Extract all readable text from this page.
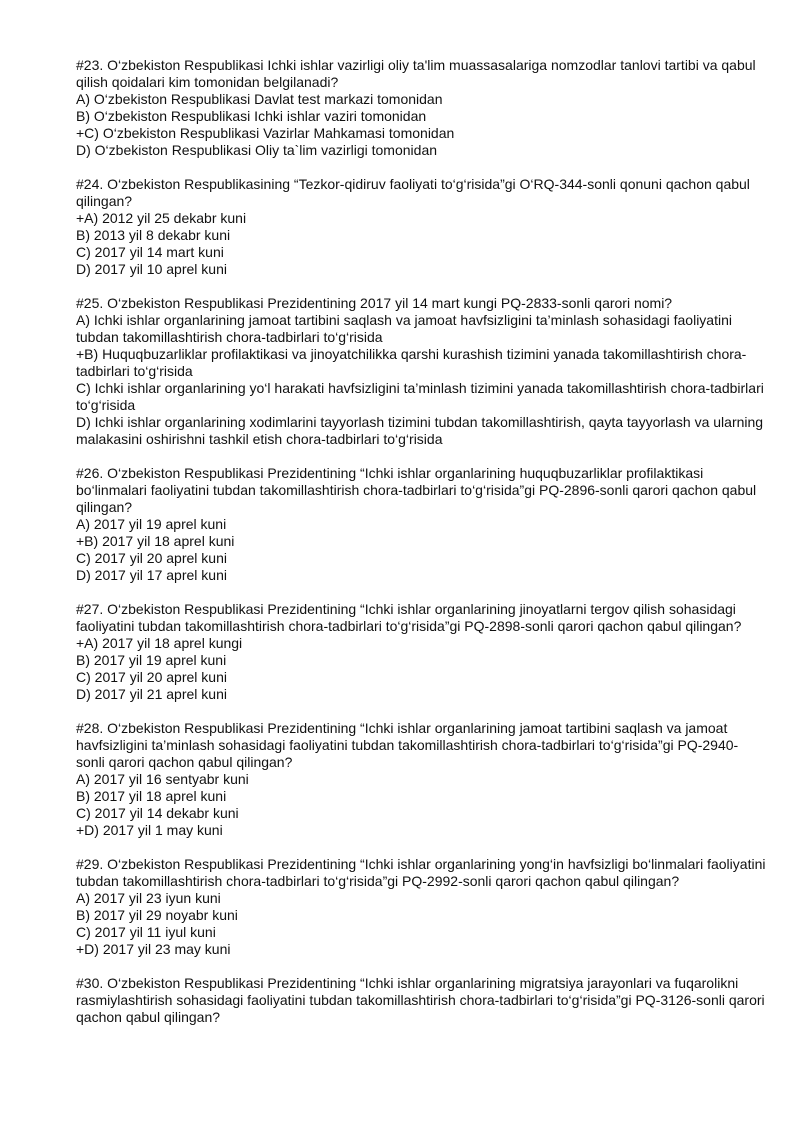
#23. O‘zbekiston Respublikasi Ichki ishlar vazirligi oliy ta'lim muassasalariga nomzodlar tanlovi tartibi va qabul qilish qoidalari kim tomonidan belgilanadi?
A) O‘zbekiston Respublikasi Davlat test markazi tomonidan
B) O‘zbekiston Respublikasi Ichki ishlar vaziri tomonidan
+C) O‘zbekiston Respublikasi Vazirlar Mahkamasi tomonidan
D) O‘zbekiston Respublikasi Oliy ta`lim vazirligi tomonidan
#24. O‘zbekiston Respublikasining “Tezkor-qidiruv faoliyati to‘g‘risida”gi O‘RQ-344-sonli qonuni qachon qabul qilingan?
+A) 2012 yil 25 dekabr kuni
B) 2013 yil 8 dekabr kuni
C) 2017 yil 14 mart kuni
D) 2017 yil 10 aprel kuni
#25. O‘zbekiston Respublikasi Prezidentining 2017 yil 14 mart kungi PQ-2833-sonli qarori nomi?
A) Ichki ishlar organlarining jamoat tartibini saqlash va jamoat havfsizligini ta’minlash sohasidagi faoliyatini tubdan takomillashtirish chora-tadbirlari to‘g‘risida
+B) Huquqbuzarliklar profilaktikasi va jinoyatchilikka qarshi kurashish tizimini yanada takomillashtirish chora-tadbirlari to‘g‘risida
C) Ichki ishlar organlarining yo‘l harakati havfsizligini ta’minlash tizimini yanada takomillashtirish chora-tadbirlari to‘g‘risida
D) Ichki ishlar organlarining xodimlarini tayyorlash tizimini tubdan takomillashtirish, qayta tayyorlash va ularning malakasini oshirishni tashkil etish chora-tadbirlari to‘g‘risida
#26. O‘zbekiston Respublikasi Prezidentining “Ichki ishlar organlarining huquqbuzarliklar profilaktikasi bo‘linmalari faoliyatini tubdan takomillashtirish chora-tadbirlari to‘g‘risida”gi PQ-2896-sonli qarori qachon qabul qilingan?
A) 2017 yil 19 aprel kuni
+B) 2017 yil 18 aprel kuni
C) 2017 yil 20 aprel kuni
D) 2017 yil 17 aprel kuni
#27. O‘zbekiston Respublikasi Prezidentining “Ichki ishlar organlarining jinoyatlarni tergov qilish sohasidagi faoliyatini tubdan takomillashtirish chora-tadbirlari to‘g‘risida”gi PQ-2898-sonli qarori qachon qabul qilingan?
+A) 2017 yil 18 aprel kungi
B) 2017 yil 19 aprel kuni
C) 2017 yil 20 aprel kuni
D) 2017 yil 21 aprel kuni
#28. O‘zbekiston Respublikasi Prezidentining “Ichki ishlar organlarining jamoat tartibini saqlash va jamoat havfsizligini ta’minlash sohasidagi faoliyatini tubdan takomillashtirish chora-tadbirlari to‘g‘risida”gi PQ-2940-sonli qarori qachon qabul qilingan?
A) 2017 yil 16 sentyabr kuni
B) 2017 yil 18 aprel kuni
C) 2017 yil 14 dekabr kuni
+D) 2017 yil 1 may kuni
#29. O‘zbekiston Respublikasi Prezidentining “Ichki ishlar organlarining yong‘in havfsizligi bo‘linmalari faoliyatini tubdan takomillashtirish chora-tadbirlari to‘g‘risida”gi PQ-2992-sonli qarori qachon qabul qilingan?
A) 2017 yil 23 iyun kuni
B) 2017 yil 29 noyabr kuni
C) 2017 yil 11 iyul kuni
+D) 2017 yil 23 may kuni
#30. O‘zbekiston Respublikasi Prezidentining “Ichki ishlar organlarining migratsiya jarayonlari va fuqarolikni rasmiylashtirish sohasidagi faoliyatini tubdan takomillashtirish chora-tadbirlari to‘g‘risida”gi PQ-3126-sonli qarori qachon qabul qilingan?
